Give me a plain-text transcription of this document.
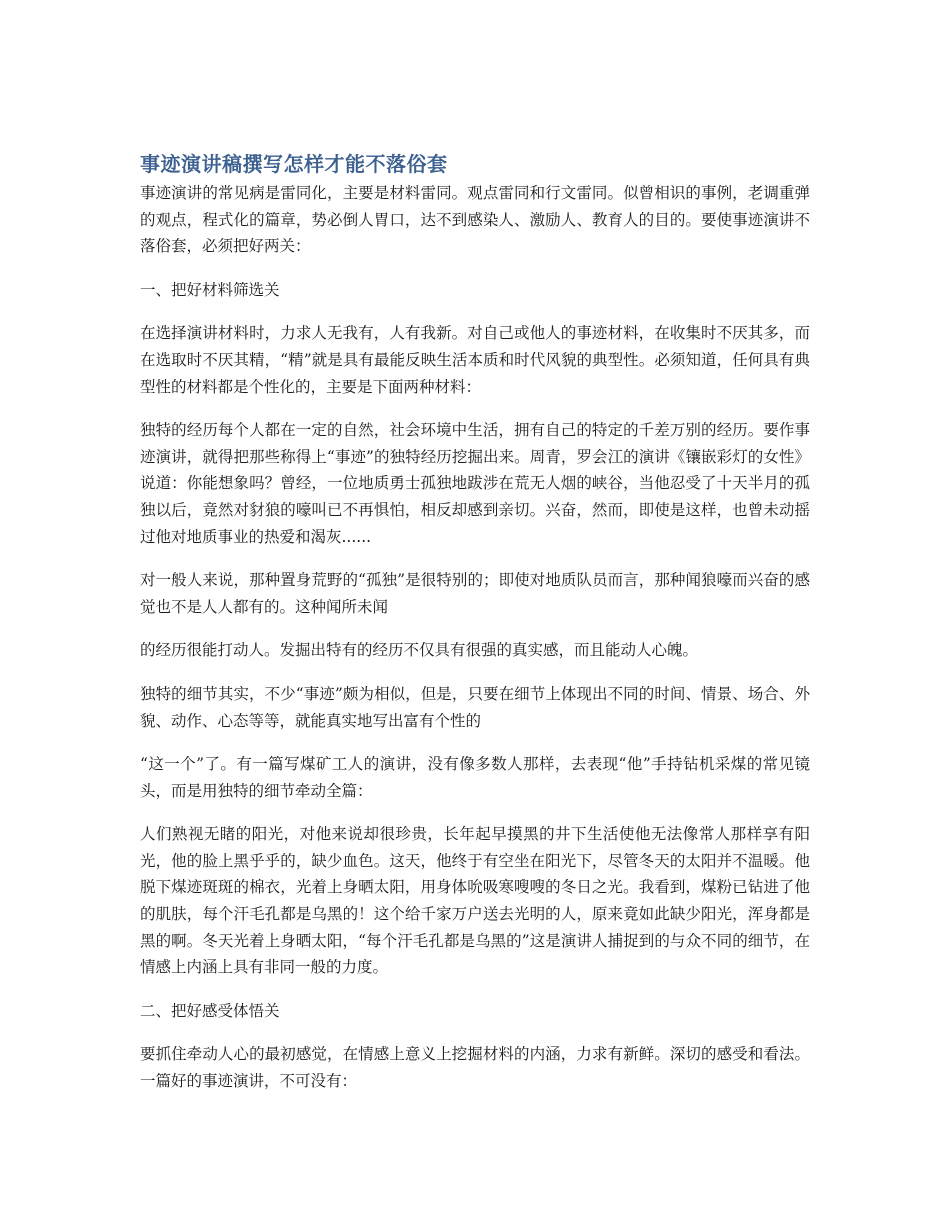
事迹演讲稿撰写怎样才能不落俗套

事迹演讲的常见病是雷同化，主要是材料雷同。观点雷同和行文雷同。似曾相识的事例，老调重弹的观点，程式化的篇章，势必倒人胃口，达不到感染人、激励人、教育人的目的。要使事迹演讲不落俗套，必须把好两关：

一、把好材料筛选关

在选择演讲材料时，力求人无我有，人有我新。对自己或他人的事迹材料，在收集时不厌其多，而在选取时不厌其精，“精”就是具有最能反映生活本质和时代风貌的典型性。必须知道，任何具有典型性的材料都是个性化的，主要是下面两种材料：

独特的经历每个人都在一定的自然，社会环境中生活，拥有自己的特定的千差万别的经历。要作事迹演讲，就得把那些称得上“事迹”的独特经历挖掘出来。周青，罗会江的演讲《镶嵌彩灯的女性》说道：你能想象吗？曾经，一位地质勇士孤独地跋涉在荒无人烟的峡谷，当他忍受了十天半月的孤独以后，竟然对豺狼的嚎叫已不再惧怕，相反却感到亲切。兴奋，然而，即使是这样，也曾未动摇过他对地质事业的热爱和渴灰......

对一般人来说，那种置身荒野的“孤独”是很特别的；即使对地质队员而言，那种闻狼嚎而兴奋的感觉也不是人人都有的。这种闻所未闻

的经历很能打动人。发掘出特有的经历不仅具有很强的真实感，而且能动人心魄。

独特的细节其实，不少“事迹”颇为相似，但是，只要在细节上体现出不同的时间、情景、场合、外貌、动作、心态等等，就能真实地写出富有个性的

“这一个”了。有一篇写煤矿工人的演讲，没有像多数人那样，去表现“他”手持钻机采煤的常见镜头，而是用独特的细节牵动全篇：

人们熟视无睹的阳光，对他来说却很珍贵，长年起早摸黑的井下生活使他无法像常人那样享有阳光，他的脸上黑乎乎的，缺少血色。这天，他终于有空坐在阳光下，尽管冬天的太阳并不温暖。他脱下煤迹斑斑的棉衣，光着上身晒太阳，用身体吮吸寒嗖嗖的冬日之光。我看到，煤粉已钻进了他的肌肤，每个汗毛孔都是乌黑的！这个给千家万户送去光明的人，原来竟如此缺少阳光，浑身都是黑的啊。冬天光着上身晒太阳，“每个汗毛孔都是乌黑的”这是演讲人捕捉到的与众不同的细节，在情感上内涵上具有非同一般的力度。

二、把好感受体悟关

要抓住牵动人心的最初感觉，在情感上意义上挖掘材料的内涵，力求有新鲜。深切的感受和看法。一篇好的事迹演讲，不可没有：
